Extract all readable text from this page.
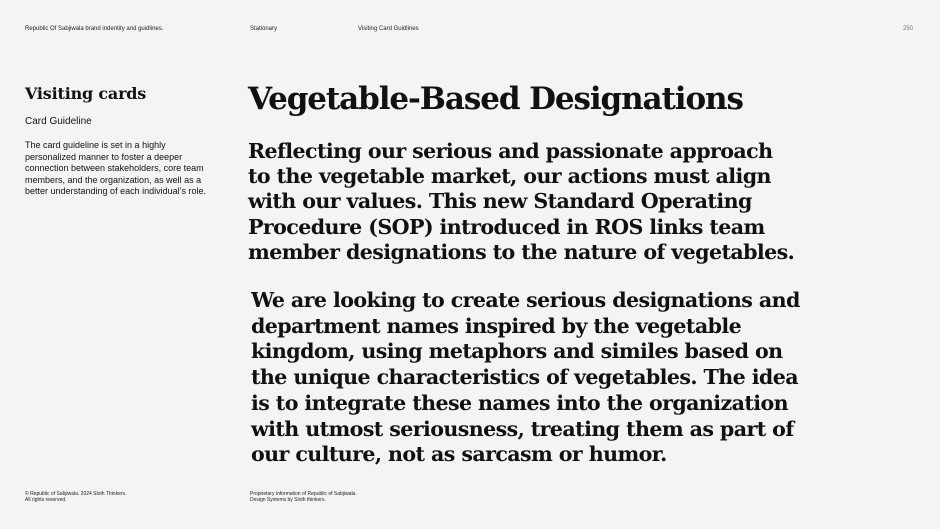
Republic Of Sabjiwala brand indentity and guidlines.	Stationary	Visiting Card Guidlines	250
Visiting cards
Card Guideline
The card guideline is set in a highly personalized manner to foster a deeper connection between stakeholders, core team members, and the organization, as well as a better understanding of each individual’s role.
Vegetable-Based Designations
Reflecting our serious and passionate approach
to the vegetable market, our actions must align
with our values. This new Standard Operating
Procedure (SOP) introduced in ROS links team
member designations to the nature of vegetables.
We are looking to create serious designations and
department names inspired by the vegetable
kingdom, using metaphors and similes based on
the unique characteristics of vegetables. The idea
is to integrate these names into the organization
with utmost seriousness, treating them as part of
our culture, not as sarcasm or humor.
© Republic of Sabjiwala. 2024 Sloth Thinkers.
All rights reserved.
Proprietary information of Republic of Sabjiwala.
Design Systems by Sloth thinkers.
